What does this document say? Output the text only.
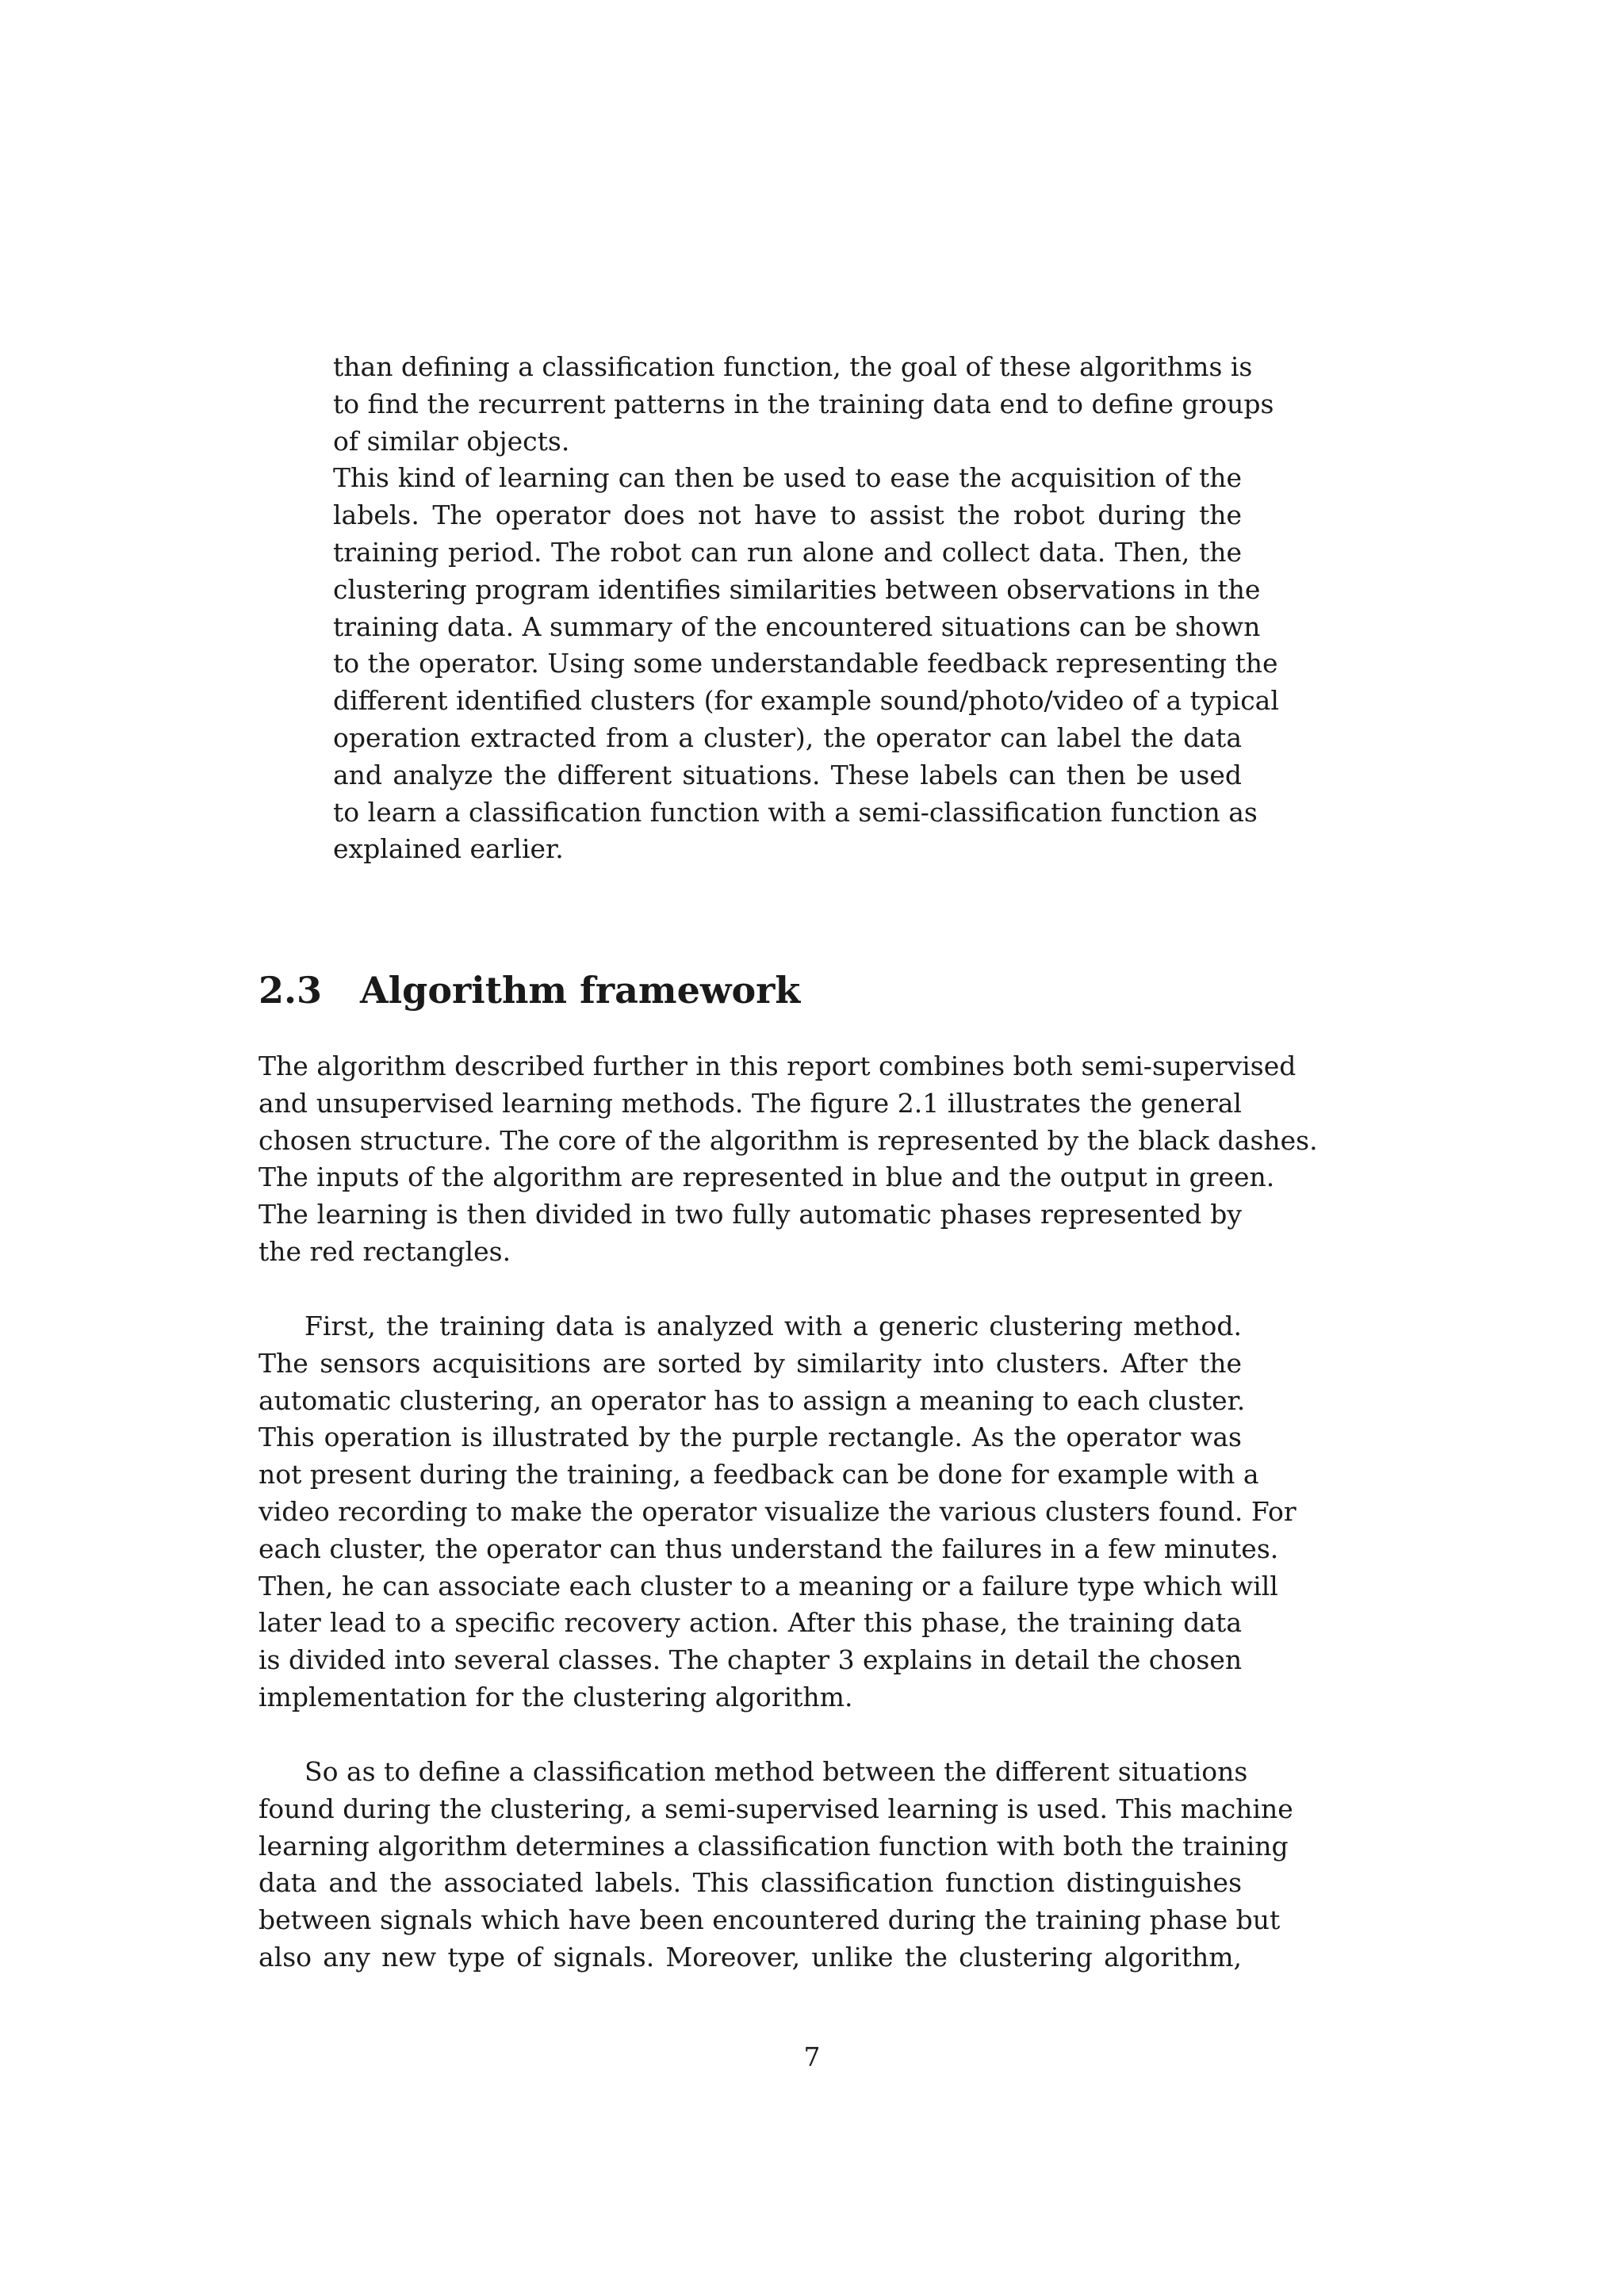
than defining a classification function, the goal of these algorithms is
to find the recurrent patterns in the training data end to define groups
of similar objects.

This kind of learning can then be used to ease the acquisition of the
labels. The operator does not have to assist the robot during the
training period. The robot can run alone and collect data. Then, the
clustering program identifies similarities between observations in the
training data. A summary of the encountered situations can be shown
to the operator. Using some understandable feedback representing the
different identified clusters (for example sound/photo/video of a typical
operation extracted from a cluster), the operator can label the data
and analyze the different situations. These labels can then be used
to learn a classification function with a semi-classification function as
explained earlier.

2.3 Algorithm framework

The algorithm described further in this report combines both semi-supervised
and unsupervised learning methods. The figure 2.1 illustrates the general
chosen structure. The core of the algorithm is represented by the black dashes.
The inputs of the algorithm are represented in blue and the output in green.
The learning is then divided in two fully automatic phases represented by
the red rectangles.

First, the training data is analyzed with a generic clustering method.
The sensors acquisitions are sorted by similarity into clusters. After the
automatic clustering, an operator has to assign a meaning to each cluster.
This operation is illustrated by the purple rectangle. As the operator was
not present during the training, a feedback can be done for example with a
video recording to make the operator visualize the various clusters found. For
each cluster, the operator can thus understand the failures in a few minutes.
Then, he can associate each cluster to a meaning or a failure type which will
later lead to a specific recovery action. After this phase, the training data
is divided into several classes. The chapter 3 explains in detail the chosen
implementation for the clustering algorithm.

So as to define a classification method between the different situations
found during the clustering, a semi-supervised learning is used. This machine
learning algorithm determines a classification function with both the training
data and the associated labels. This classification function distinguishes
between signals which have been encountered during the training phase but
also any new type of signals. Moreover, unlike the clustering algorithm,

7
